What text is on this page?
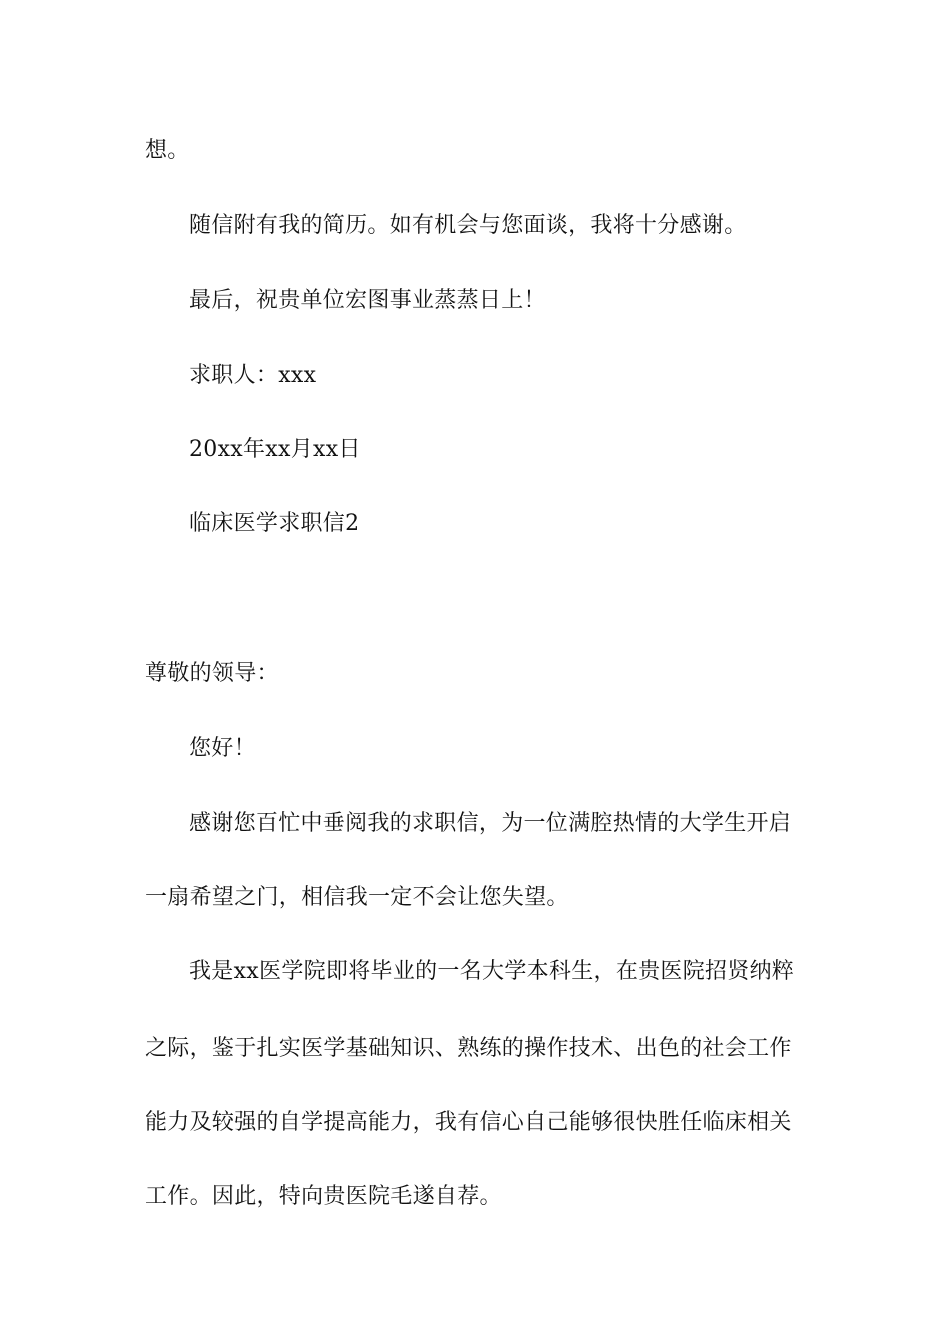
想。
随信附有我的简历。如有机会与您面谈，我将十分感谢。
最后，祝贵单位宏图事业蒸蒸日上！
求职人：xxx
20xx年xx月xx日
临床医学求职信2
尊敬的领导：
您好！
感谢您百忙中垂阅我的求职信，为一位满腔热情的大学生开启
一扇希望之门，相信我一定不会让您失望。
我是xx医学院即将毕业的一名大学本科生，在贵医院招贤纳粹
之际，鉴于扎实医学基础知识、熟练的操作技术、出色的社会工作
能力及较强的自学提高能力，我有信心自己能够很快胜任临床相关
工作。因此，特向贵医院毛遂自荐。
